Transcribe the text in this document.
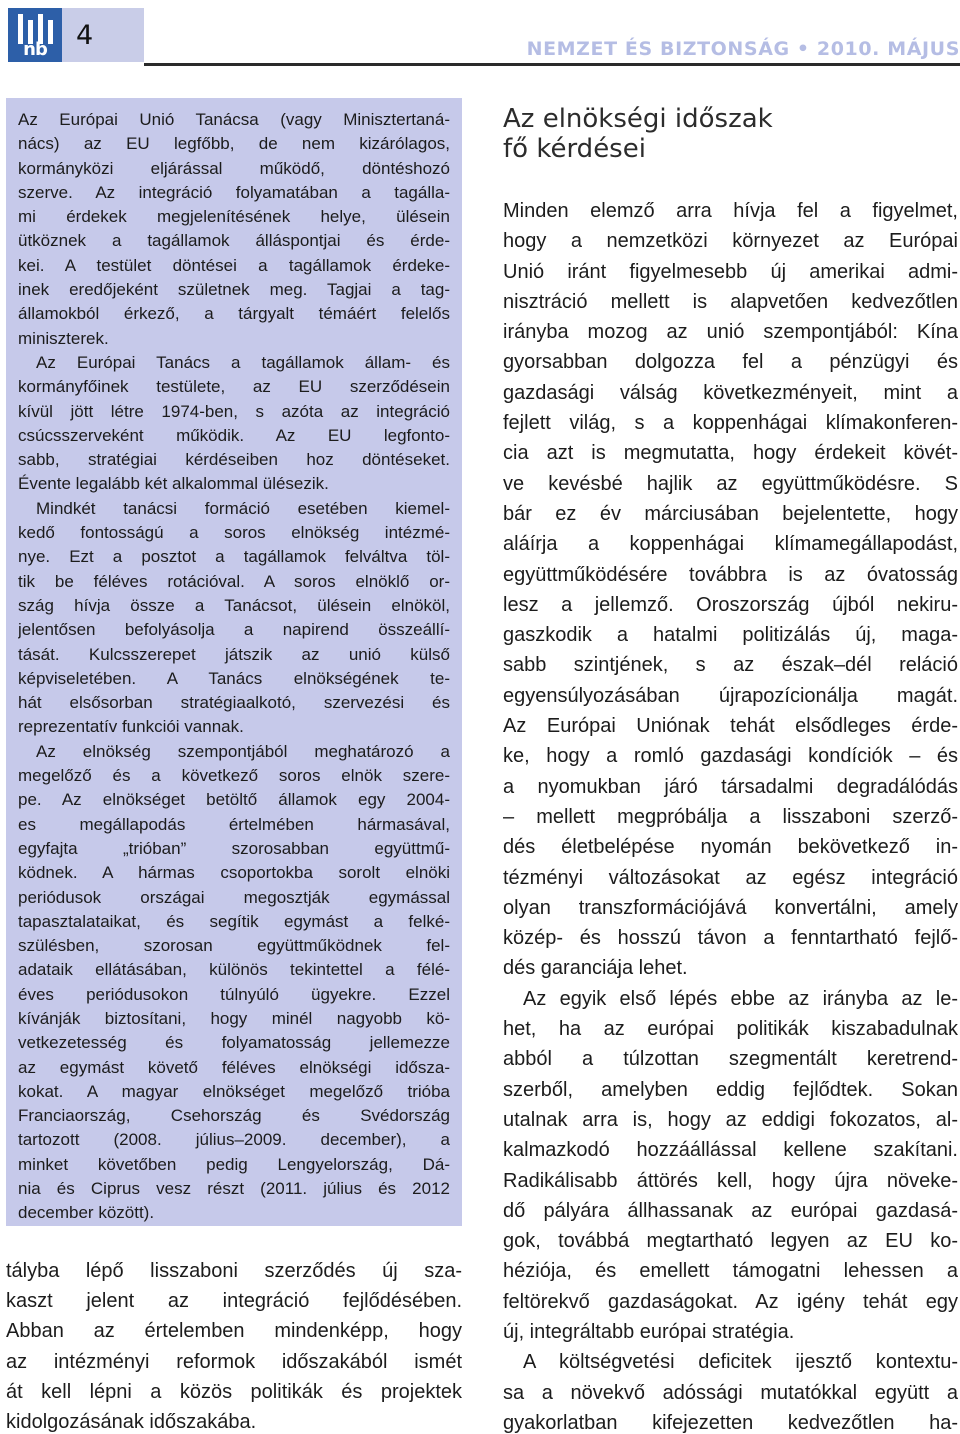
nb	4	NEMZET ÉS BIZTONSÁG • 2010. MÁJUS
Az Európai Unió Tanácsa (vagy Minisztertaná-
nács) az EU legfőbb, de nem kizárólagos,
kormányközi eljárással működő, döntéshozó
szerve. Az integráció folyamatában a tagálla-
mi érdekek megjelenítésének helye, ülésein
ütköznek a tagállamok álláspontjai és érde-
kei. A testület döntései a tagállamok érdeke-
inek eredőjeként születnek meg. Tagjai a tag-
államokból érkező, a tárgyalt témáért felelős
miniszterek.
Az Európai Tanács a tagállamok állam- és
kormányfőinek testülete, az EU szerződésein
kívül jött létre 1974-ben, s azóta az integráció
csúcsszerveként működik. Az EU legfonto-
sabb, stratégiai kérdéseiben hoz döntéseket.
Évente legalább két alkalommal ülésezik.
Mindkét tanácsi formáció esetében kiemel-
kedő fontosságú a soros elnökség intézmé-
nye. Ezt a posztot a tagállamok felváltva töl-
tik be féléves rotációval. A soros elnöklő or-
szág hívja össze a Tanácsot, ülésein elnököl,
jelentősen befolyásolja a napirend összeállí-
tását. Kulcsszerepet játszik az unió külső
képviseletében. A Tanács elnökségének te-
hát elsősorban stratégiaalkotó, szervezési és
reprezentatív funkciói vannak.
Az elnökség szempontjából meghatározó a
megelőző és a következő soros elnök szere-
pe. Az elnökséget betöltő államok egy 2004-
es megállapodás értelmében hármasával,
egyfajta „trióban” szorosabban együttmű-
ködnek. A hármas csoportokba sorolt elnöki
periódusok országai megosztják egymással
tapasztalataikat, és segítik egymást a felké-
szülésben, szorosan együttműködnek fel-
adataik ellátásában, különös tekintettel a félé-
éves periódusokon túlnyúló ügyekre. Ezzel
kívánják biztosítani, hogy minél nagyobb kö-
vetkezetesség és folyamatosság jellemezze
az egymást követő féléves elnökségi idősza-
kokat. A magyar elnökséget megelőző trióba
Franciaország, Csehország és Svédország
tartozott (2008. július–2009. december), a
minket követőben pedig Lengyelország, Dá-
nia és Ciprus vesz részt (2011. július és 2012
december között).
tályba lépő lisszaboni szerződés új sza-
kaszt jelent az integráció fejlődésében.
Abban az értelemben mindenképp, hogy
az intézményi reformok időszakából ismét
át kell lépni a közös politikák és projektek
kidolgozásának időszakába.
Az elnökségi időszak
fő kérdései
Minden elemző arra hívja fel a figyelmet,
hogy a nemzetközi környezet az Európai
Unió iránt figyelmesebb új amerikai admi-
nisztráció mellett is alapvetően kedvezőtlen
irányba mozog az unió szempontjából: Kína
gyorsabban dolgozza fel a pénzügyi és
gazdasági válság következményeit, mint a
fejlett világ, s a koppenhágai klímakonferen-
cia azt is megmutatta, hogy érdekeit kövét-
ve kevésbé hajlik az együttműködésre. S
bár ez év márciusában bejelentette, hogy
aláírja a koppenhágai klímamegállapodást,
együttműködésére továbbra is az óvatosság
lesz a jellemző. Oroszország újból nekiru-
gaszkodik a hatalmi politizálás új, maga-
sabb szintjének, s az észak–dél reláció
egyensúlyozásában újrapozícionálja magát.
Az Európai Uniónak tehát elsődleges érde-
ke, hogy a romló gazdasági kondíciók – és
a nyomukban járó társadalmi degradálódás
– mellett megpróbálja a lisszaboni szerző-
dés életbelépése nyomán bekövetkező in-
tézményi változásokat az egész integráció
olyan transzformációjává konvertálni, amely
közép- és hosszú távon a fenntartható fejlő-
dés garanciája lehet.
Az egyik első lépés ebbe az irányba az le-
het, ha az európai politikák kiszabadulnak
abból a túlzottan szegmentált keretrend-
szerből, amelyben eddig fejlődtek. Sokan
utalnak arra is, hogy az eddigi fokozatos, al-
kalmazkodó hozzáállással kellene szakítani.
Radikálisabb áttörés kell, hogy újra növeke-
dő pályára állhassanak az európai gazdasá-
gok, továbbá megtartható legyen az EU ko-
héziója, és emellett támogatni lehessen a
feltörekvő gazdaságokat. Az igény tehát egy
új, integráltabb európai stratégia.
A költségvetési deficitek ijesztő kontextu-
sa a növekvő adóssági mutatókkal együtt a
gyakorlatban kifejezetten kedvezőtlen ha-
